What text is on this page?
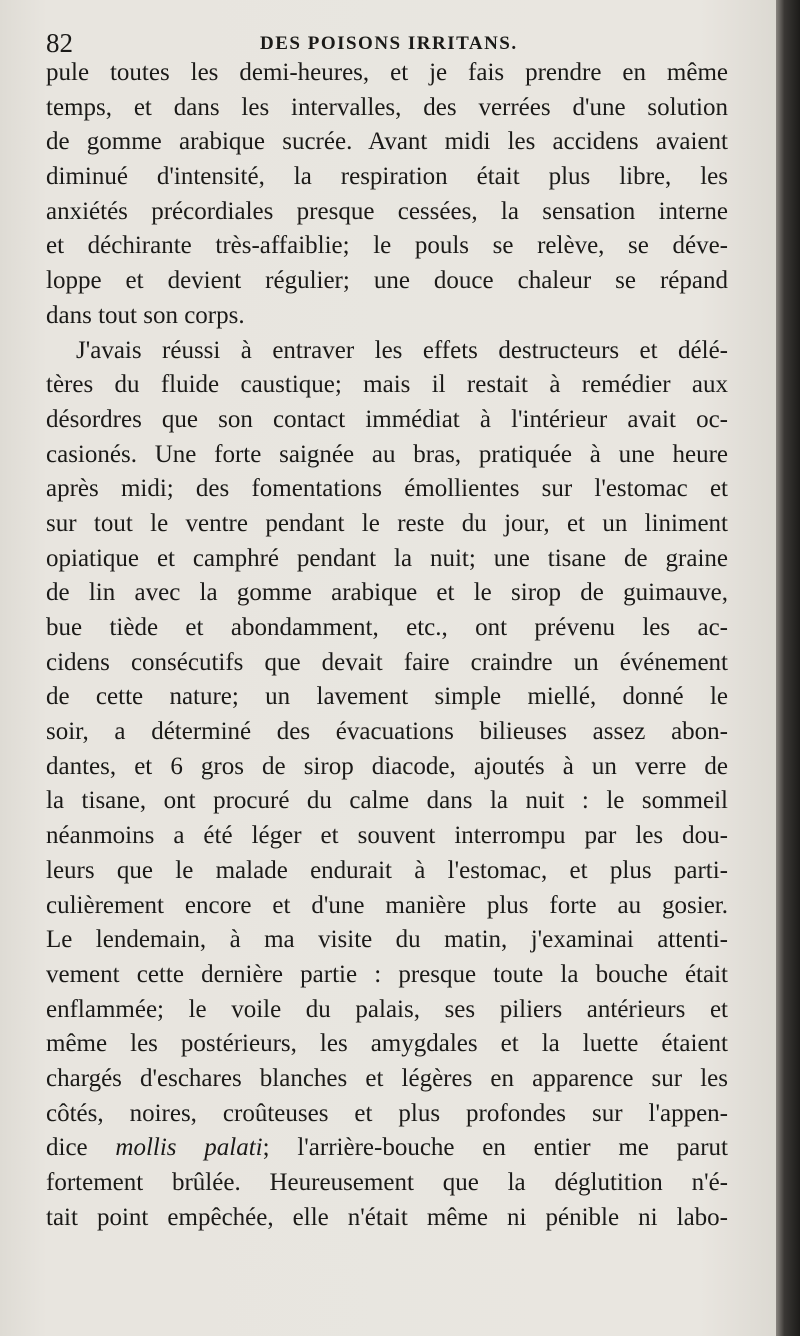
82	DES POISONS IRRITANS.
pule toutes les demi-heures, et je fais prendre en même
temps, et dans les intervalles, des verrées d'une solution
de gomme arabique sucrée. Avant midi les accidens avaient
diminué d'intensité, la respiration était plus libre, les
anxiétés précordiales presque cessées, la sensation interne
et déchirante très-affaiblie; le pouls se relève, se déve-
loppe et devient régulier; une douce chaleur se répand
dans tout son corps.
J'avais réussi à entraver les effets destructeurs et délé-
tères du fluide caustique; mais il restait à remédier aux
désordres que son contact immédiat à l'intérieur avait oc-
casionés. Une forte saignée au bras, pratiquée à une heure
après midi; des fomentations émollientes sur l'estomac et
sur tout le ventre pendant le reste du jour, et un liniment
opiatique et camphré pendant la nuit; une tisane de graine
de lin avec la gomme arabique et le sirop de guimauve,
bue tiède et abondamment, etc., ont prévenu les ac-
cidens consécutifs que devait faire craindre un événement
de cette nature; un lavement simple miellé, donné le
soir, a déterminé des évacuations bilieuses assez abon-
dantes, et 6 gros de sirop diacode, ajoutés à un verre de
la tisane, ont procuré du calme dans la nuit : le sommeil
néanmoins a été léger et souvent interrompu par les dou-
leurs que le malade endurait à l'estomac, et plus parti-
culièrement encore et d'une manière plus forte au gosier.
Le lendemain, à ma visite du matin, j'examinai attenti-
vement cette dernière partie : presque toute la bouche était
enflammée; le voile du palais, ses piliers antérieurs et
même les postérieurs, les amygdales et la luette étaient
chargés d'eschares blanches et légères en apparence sur les
côtés, noires, croûteuses et plus profondes sur l'appen-
dice mollis palati; l'arrière-bouche en entier me parut
fortement brûlée. Heureusement que la déglutition n'é-
tait point empêchée, elle n'était même ni pénible ni labo-
